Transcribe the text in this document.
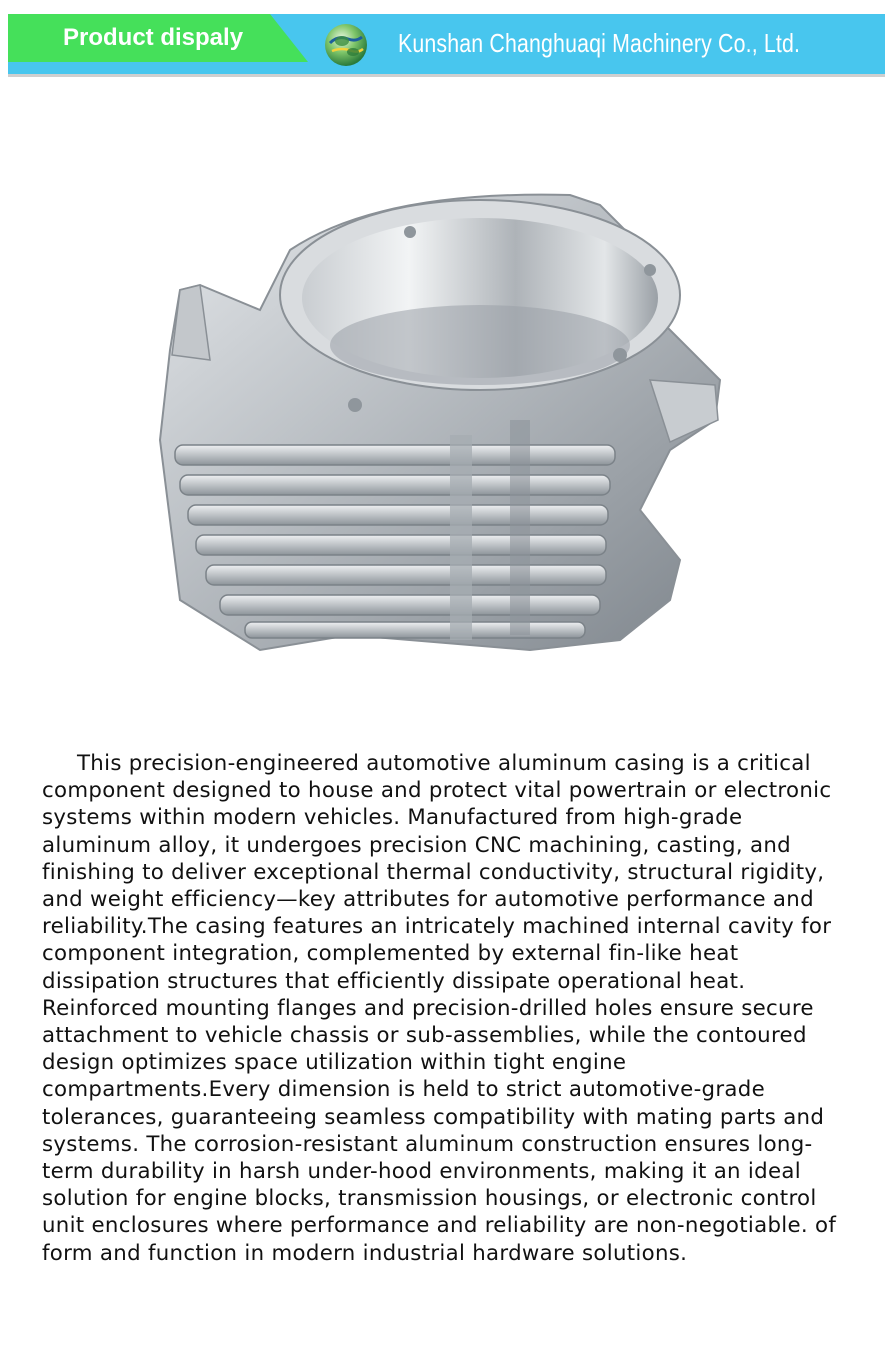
Product dispaly	Kunshan Changhuaqi Machinery Co., Ltd.

This precision-engineered automotive aluminum casing is a critical component designed to house and protect vital powertrain or electronic systems within modern vehicles. Manufactured from high-grade aluminum alloy, it undergoes precision CNC machining, casting, and finishing to deliver exceptional thermal conductivity, structural rigidity, and weight efficiency—key attributes for automotive performance and reliability.The casing features an intricately machined internal cavity for component integration, complemented by external fin-like heat dissipation structures that efficiently dissipate operational heat. Reinforced mounting flanges and precision-drilled holes ensure secure attachment to vehicle chassis or sub-assemblies, while the contoured design optimizes space utilization within tight engine compartments.Every dimension is held to strict automotive-grade tolerances, guaranteeing seamless compatibility with mating parts and systems. The corrosion-resistant aluminum construction ensures long-term durability in harsh under-hood environments, making it an ideal solution for engine blocks, transmission housings, or electronic control unit enclosures where performance and reliability are non-negotiable. of form and function in modern industrial hardware solutions.
